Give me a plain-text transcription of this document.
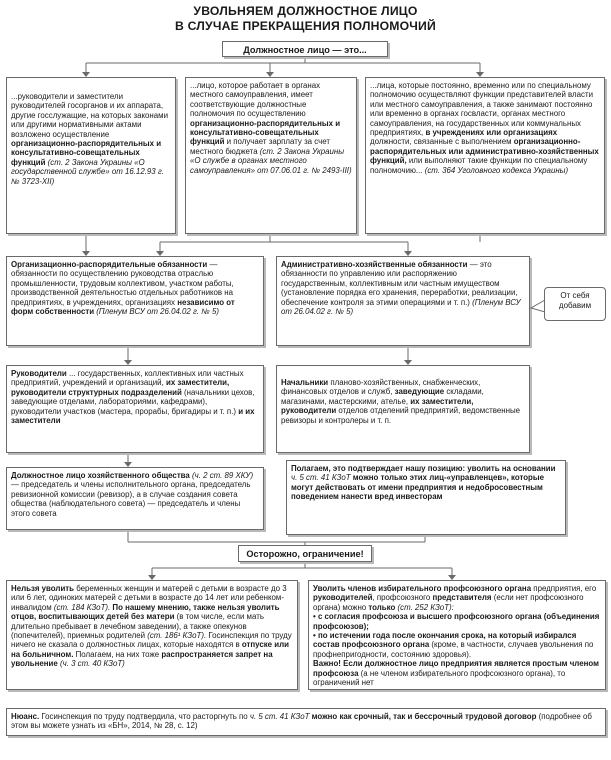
УВОЛЬНЯЕМ ДОЛЖНОСТНОЕ ЛИЦО
В СЛУЧАЕ ПРЕКРАЩЕНИЯ ПОЛНОМОЧИЙ
Должностное лицо — это...
...руководители и заместители руководителей госорганов и их аппарата, другие госслужащие, на которых законами или другими нормативными актами возложено осуществление организационно-распорядительных и консультативно-совещательных функций (ст. 2 Закона Украины «О государственной службе» от 16.12.93 г. № 3723-XII)
...лицо, которое работает в органах местного самоуправления, имеет соответствующие должностные полномочия по осуществлению организационно-распорядительных и консультативно-совещательных функций и получает зарплату за счет местного бюджета (ст. 2 Закона Украины «О службе в органах местного самоуправления» от 07.06.01 г. № 2493-III)
...лица, которые постоянно, временно или по специальному полномочию осуществляют функции представителей власти или местного самоуправления, а также занимают постоянно или временно в органах госвласти, органах местного самоуправления, на государственных или коммунальных предприятиях, в учреждениях или организациях должности, связанные с выполнением организационно-распорядительных или административно-хозяйственных функций, или выполняют такие функции по специальному полномочию... (ст. 364 Уголовного кодекса Украины)
Организационно-распорядительные обязанности — обязанности по осуществлению руководства отраслью промышленности, трудовым коллективом, участком работы, производственной деятельностью отдельных работников на предприятиях, в учреждениях, организациях независимо от форм собственности (Пленум ВСУ от 26.04.02 г. № 5)
Административно-хозяйственные обязанности — это обязанности по управлению или распоряжению государственным, коллективным или частным имуществом (установление порядка его хранения, переработки, реализации, обеспечение контроля за этими операциями и т. п.) (Пленум ВСУ от 26.04.02 г. № 5)
От себя
добавим
Руководители ... государственных, коллективных или частных предприятий, учреждений и организаций, их заместители, руководители структурных подразделений (начальники цехов, заведующие отделами, лабораториями, кафедрами), руководители участков (мастера, прорабы, бригадиры и т. п.) и их заместители
Начальники планово-хозяйственных, снабженческих, финансовых отделов и служб, заведующие складами, магазинами, мастерскими, ателье, их заместители, руководители отделов отделений предприятий, ведомственные ревизоры и контролеры и т. п.
Должностное лицо хозяйственного общества (ч. 2 ст. 89 ХКУ) — председатель и члены исполнительного органа, председатель ревизионной комиссии (ревизор), а в случае создания совета общества (наблюдательного совета) — председатель и члены этого совета
Полагаем, это подтверждает нашу позицию: уволить на основании ч. 5 ст. 41 КЗоТ можно только этих лиц-«управленцев», которые могут действовать от имени предприятия и недобросовестным поведением нанести вред инвесторам
Осторожно, ограничение!
Нельзя уволить беременных женщин и матерей с детьми в возрасте до 3 или 6 лет, одиноких матерей с детьми в возрасте до 14 лет или ребенком-инвалидом (ст. 184 КЗоТ). По нашему мнению, также нельзя уволить отцов, воспитывающих детей без матери (в том числе, если мать длительно пребывает в лечебном заведении), а также опекунов (попечителей), приемных родителей (ст. 186¹ КЗоТ). Госинспекция по труду ничего не сказала о должностных лицах, которые находятся в отпуске или на больничном. Полагаем, на них тоже распространяется запрет на увольнение (ч. 3 ст. 40 КЗоТ)

Уволить членов избирательного профсоюзного органа предприятия, его руководителей, профсоюзного представителя (если нет профсоюзного органа) можно только (ст. 252 КЗоТ):

• с согласия профсоюза и высшего профсоюзного органа (объединения профсоюзов);

• по истечении года после окончания срока, на который избирался состав профсоюзного органа (кроме, в частности, случаев увольнения по профнепригодности, состоянию здоровья).

Важно! Если должностное лицо предприятия является простым членом профсоюза (а не членом избирательного профсоюзного органа), то ограничений нет

Нюанс. Госинспекция по труду подтвердила, что расторгнуть по ч. 5 ст. 41 КЗоТ можно как срочный, так и бессрочный трудовой договор (подробнее об этом вы можете узнать из «БН», 2014, № 28, с. 12)
